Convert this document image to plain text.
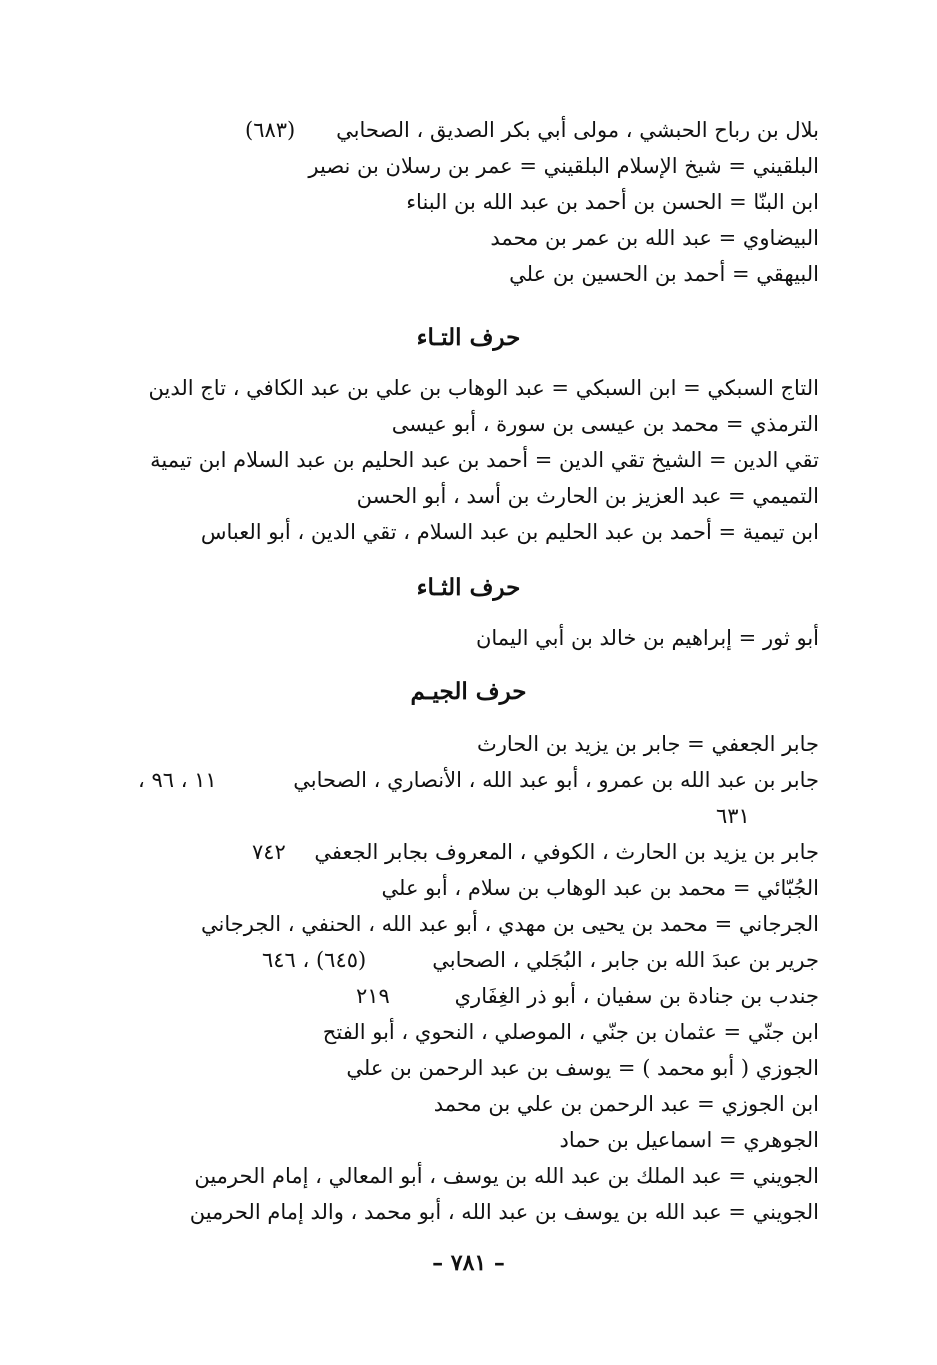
بلال بن رباح الحبشي ، مولى أبي بكر الصديق ، الصحابي
(٦٨٣)
البلقيني = شيخ الإسلام البلقيني = عمر بن رسلان بن نصير
ابن البنّا = الحسن بن أحمد بن عبد الله بن البناء
البيضاوي = عبد الله بن عمر بن محمد
البيهقي = أحمد بن الحسين بن علي
حرف التـاء
التاج السبكي = ابن السبكي = عبد الوهاب بن علي بن عبد الكافي ، تاج الدين
الترمذي = محمد بن عيسى بن سورة ، أبو عيسى
تقي الدين = الشيخ تقي الدين = أحمد بن عبد الحليم بن عبد السلام ابن تيمية
التميمي = عبد العزيز بن الحارث بن أسد ، أبو الحسن
ابن تيمية = أحمد بن عبد الحليم بن عبد السلام ، تقي الدين ، أبو العباس
حرف الثـاء
أبو ثور = إبراهيم بن خالد بن أبي اليمان
حرف الجيـم
جابر الجعفي = جابر بن يزيد بن الحارث
جابر بن عبد الله بن عمرو ، أبو عبد الله ، الأنصاري ، الصحابي
١١ ، ٩٦ ،
٦٣١
جابر بن يزيد بن الحارث ، الكوفي ، المعروف بجابر الجعفي
٧٤٢
الجُبّائي = محمد بن عبد الوهاب بن سلام ، أبو علي
الجرجاني = محمد بن يحيى بن مهدي ، أبو عبد الله ، الحنفي ، الجرجاني
جرير بن عبدَ الله بن جابر ، البُجَلي ، الصحابي
(٦٤٥) ، ٦٤٦
جندب بن جنادة بن سفيان ، أبو ذر الغِفَاري
٢١٩
ابن جنّي = عثمان بن جنّي ، الموصلي ، النحوي ، أبو الفتح
الجوزي ( أبو محمد ) = يوسف بن عبد الرحمن بن علي
ابن الجوزي = عبد الرحمن بن علي بن محمد
الجوهري = اسماعيل بن حماد
الجويني = عبد الملك بن عبد الله بن يوسف ، أبو المعالي ، إمام الحرمين
الجويني = عبد الله بن يوسف بن عبد الله ، أبو محمد ، والد إمام الحرمين
– ٧٨١ –
